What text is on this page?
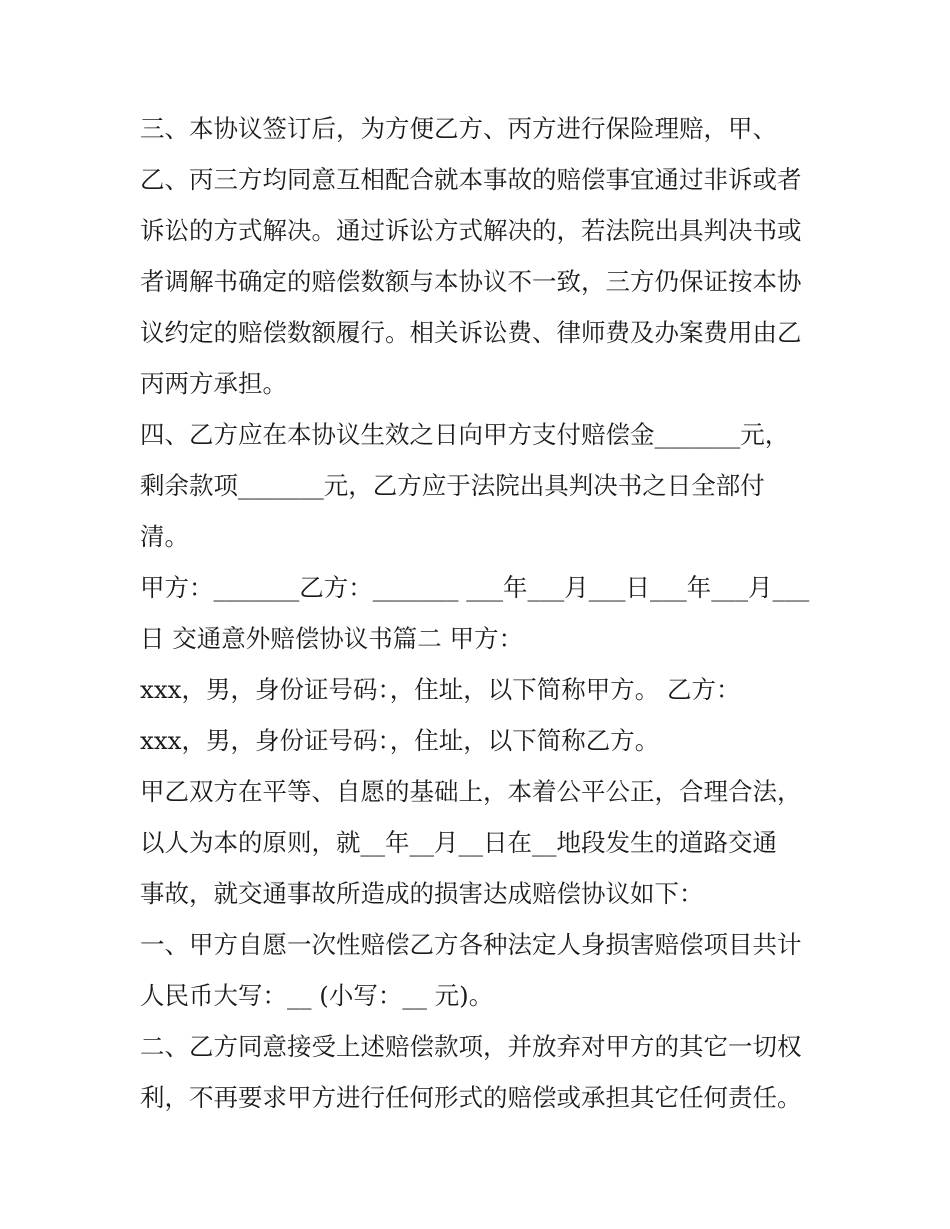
三、本协议签订后，为方便乙方、丙方进行保险理赔，甲、
乙、丙三方均同意互相配合就本事故的赔偿事宜通过非诉或者
诉讼的方式解决。通过诉讼方式解决的，若法院出具判决书或
者调解书确定的赔偿数额与本协议不一致，三方仍保证按本协
议约定的赔偿数额履行。相关诉讼费、律师费及办案费用由乙
丙两方承担。
四、乙方应在本协议生效之日向甲方支付赔偿金_______元，
剩余款项_______元，乙方应于法院出具判决书之日全部付
清。
甲方：_______乙方：_______ ___年___月___日___年___月___
日 交通意外赔偿协议书篇二 甲方：
xxx，男，身份证号码：，住址，以下简称甲方。 乙方：
xxx，男，身份证号码：，住址，以下简称乙方。
甲乙双方在平等、自愿的基础上，本着公平公正，合理合法，
以人为本的原则，就__年__月__日在__地段发生的道路交通
事故，就交通事故所造成的损害达成赔偿协议如下：
一、甲方自愿一次性赔偿乙方各种法定人身损害赔偿项目共计
人民币大写：__ (小写：__ 元)。
二、乙方同意接受上述赔偿款项，并放弃对甲方的其它一切权
利，不再要求甲方进行任何形式的赔偿或承担其它任何责任。
